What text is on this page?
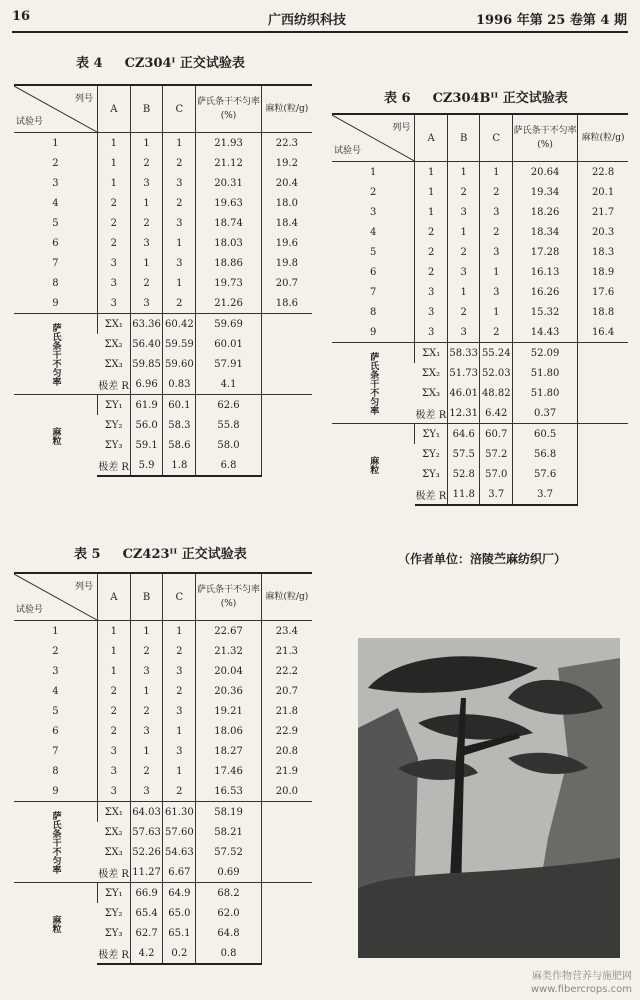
16	广西纺织科技	1996 年第 25 卷第 4 期
表 4 CZ304ᴵ 正交试验表
表 6 CZ304Bᴵᴵ 正交试验表
表 5 CZ423ᴵᴵ 正交试验表
列号
试验号	A	B	C	萨氏条干不匀率(%)	麻粒(粒/g)
1	1	1	1	21.93	22.3
2	1	2	2	21.12	19.2
3	1	3	3	20.31	20.4
4	2	1	2	19.63	18.0
5	2	2	3	18.74	18.4
6	2	3	1	18.03	19.6
7	3	1	3	18.86	19.8
8	3	2	1	19.73	20.7
9	3	3	2	21.26	18.6
萨氏条干不匀率	ΣX₁	63.36	60.42	59.69	
	ΣX₂	56.40	59.59	60.01	
	ΣX₃	59.85	59.60	57.91	
	极差 R	6.96	0.83	4.1	
麻粒	ΣY₁	61.9	60.1	62.6	
	ΣY₂	56.0	58.3	55.8	
	ΣY₃	59.1	58.6	58.0	
	极差 R	5.9	1.8	6.8	
列号
试验号	A	B	C	萨氏条干不匀率(%)	麻粒(粒/g)
1	1	1	1	20.64	22.8
2	1	2	2	19.34	20.1
3	1	3	3	18.26	21.7
4	2	1	2	18.34	20.3
5	2	2	3	17.28	18.3
6	2	3	1	16.13	18.9
7	3	1	3	16.26	17.6
8	3	2	1	15.32	18.8
9	3	3	2	14.43	16.4
萨氏条干不匀率	ΣX₁	58.33	55.24	52.09	
	ΣX₂	51.73	52.03	51.80	
	ΣX₃	46.01	48.82	51.80	
	极差 R	12.31	6.42	0.37	
麻粒	ΣY₁	64.6	60.7	60.5	
	ΣY₂	57.5	57.2	56.8	
	ΣY₃	52.8	57.0	57.6	
	极差 R	11.8	3.7	3.7	
列号
试验号	A	B	C	萨氏条干不匀率(%)	麻粒(粒/g)
1	1	1	1	22.67	23.4
2	1	2	2	21.32	21.3
3	1	3	3	20.04	22.2
4	2	1	2	20.36	20.7
5	2	2	3	19.21	21.8
6	2	3	1	18.06	22.9
7	3	1	3	18.27	20.8
8	3	2	1	17.46	21.9
9	3	3	2	16.53	20.0
萨氏条干不匀率	ΣX₁	64.03	61.30	58.19	
	ΣX₂	57.63	57.60	58.21	
	ΣX₃	52.26	54.63	57.52	
	极差 R	11.27	6.67	0.69	
麻粒	ΣY₁	66.9	64.9	68.2	
	ΣY₂	65.4	65.0	62.0	
	ΣY₃	62.7	65.1	64.8	
	极差 R	4.2	0.2	0.8	
（作者单位：涪陵苎麻纺织厂）
麻类作物营养与施肥网
www.fibercrops.com
